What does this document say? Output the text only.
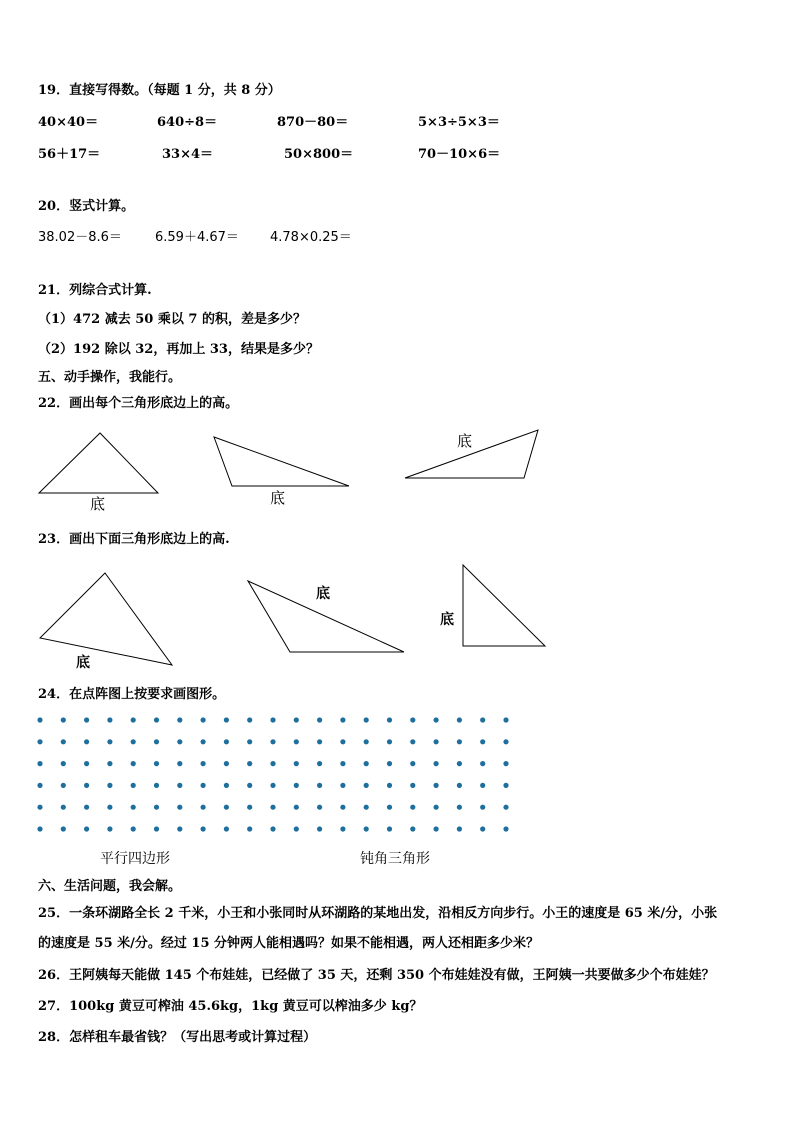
19．直接写得数。（每题 1 分，共 8 分）
40×40＝	640÷8＝	870－80＝	5×3÷5×3＝
56＋17＝	33×4＝	50×800＝	70－10×6＝
20．竖式计算。
38.02－8.6＝	6.59＋4.67＝ 4.78×0.25＝
21．列综合式计算.
（1）472 减去 50 乘以 7 的积，差是多少？
（2）192 除以 32，再加上 33，结果是多少？
五、动手操作，我能行。
22．画出每个三角形底边上的高。
底	底
底
23．画出下面三角形底边上的高.
底
底
底
24．在点阵图上按要求画图形。
平行四边形	钝角三角形
六、生活问题，我会解。
25．一条环湖路全长 2 千米，小王和小张同时从环湖路的某地出发，沿相反方向步行。小王的速度是 65 米/分，小张
的速度是 55 米/分。经过 15 分钟两人能相遇吗？如果不能相遇，两人还相距多少米？
26．王阿姨每天能做 145 个布娃娃，已经做了 35 天，还剩 350 个布娃娃没有做，王阿姨一共要做多少个布娃娃？
27．100kg 黄豆可榨油 45.6kg，1kg 黄豆可以榨油多少 kg？
28．怎样租车最省钱？（写出思考或计算过程）
